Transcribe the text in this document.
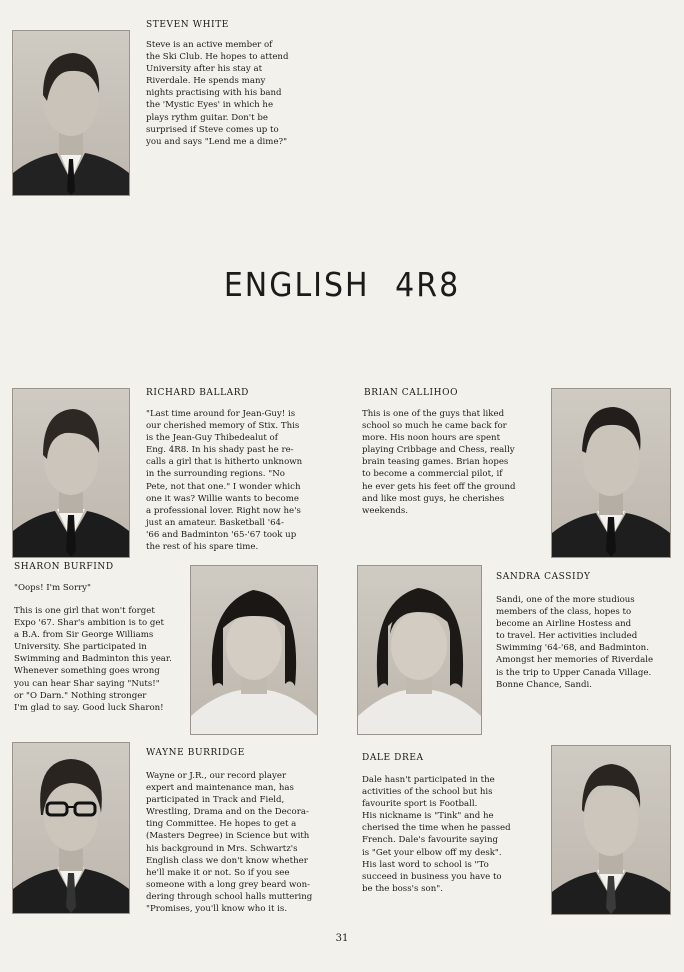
STEVEN WHITE
Steve is an active member of
the Ski Club. He hopes to attend
University after his stay at
Riverdale. He spends many
nights practising with his band
the 'Mystic Eyes' in which he
plays rythm guitar. Don't be
surprised if Steve comes up to
you and says "Lend me a dime?"
ENGLISH 4R8
RICHARD BALLARD
"Last time around for Jean-Guy! is
our cherished memory of Stix. This
is the Jean-Guy Thibedealut of
Eng. 4R8. In his shady past he re-
calls a girl that is hitherto unknown
in the surrounding regions. "No
Pete, not that one." I wonder which
one it was? Willie wants to become
a professional lover. Right now he's
just an amateur. Basketball '64-
'66 and Badminton '65-'67 took up
the rest of his spare time.
BRIAN CALLIHOO
This is one of the guys that liked
school so much he came back for
more. His noon hours are spent
playing Cribbage and Chess, really
brain teasing games. Brian hopes
to become a commercial pilot, if
he ever gets his feet off the ground
and like most guys, he cherishes
weekends.
SHARON BURFIND
"Oops! I'm Sorry"
This is one girl that won't forget
Expo '67. Shar's ambition is to get
a B.A. from Sir George Williams
University. She participated in
Swimming and Badminton this year.
Whenever something goes wrong
you can hear Shar saying "Nuts!"
or "O Darn." Nothing stronger
I'm glad to say. Good luck Sharon!
SANDRA CASSIDY
Sandi, one of the more studious
members of the class, hopes to
become an Airline Hostess and
to travel. Her activities included
Swimming '64-'68, and Badminton.
Amongst her memories of Riverdale
is the trip to Upper Canada Village.
Bonne Chance, Sandi.
WAYNE BURRIDGE
Wayne or J.R., our record player
expert and maintenance man, has
participated in Track and Field,
Wrestling, Drama and on the Decora-
ting Committee. He hopes to get a
(Masters Degree) in Science but with
his background in Mrs. Schwartz's
English class we don't know whether
he'll make it or not. So if you see
someone with a long grey beard won-
dering through school halls muttering
"Promises, you'll know who it is.
DALE DREA
Dale hasn't participated in the
activities of the school but his
favourite sport is Football.
His nickname is "Tink" and he
cherised the time when he passed
French. Dale's favourite saying
is "Get your elbow off my desk".
His last word to school is "To
succeed in business you have to
be the boss's son".
31
